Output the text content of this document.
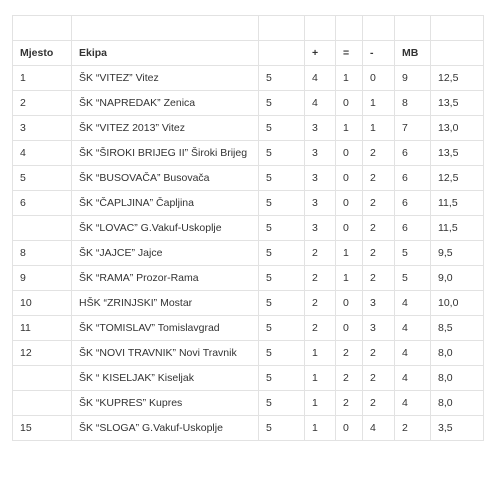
Mjesto	Ekipa		+	=	-	MB	
1	ŠK “VITEZ” Vitez	5	4	1	0	9	12,5
2	ŠK “NAPREDAK” Zenica	5	4	0	1	8	13,5
3	ŠK “VITEZ 2013” Vitez	5	3	1	1	7	13,0
4	ŠK “ŠIROKI BRIJEG II” Široki Brijeg	5	3	0	2	6	13,5
5	ŠK “BUSOVAČA” Busovača	5	3	0	2	6	12,5
6	ŠK “ČAPLJINA” Čapljina	5	3	0	2	6	11,5
	ŠK “LOVAC” G.Vakuf-Uskoplje	5	3	0	2	6	11,5
8	ŠK “JAJCE” Jajce	5	2	1	2	5	9,5
9	ŠK “RAMA” Prozor-Rama	5	2	1	2	5	9,0
10	HŠK “ZRINJSKI” Mostar	5	2	0	3	4	10,0
11	ŠK “TOMISLAV” Tomislavgrad	5	2	0	3	4	8,5
12	ŠK “NOVI TRAVNIK” Novi Travnik	5	1	2	2	4	8,0
	ŠK “ KISELJAK” Kiseljak	5	1	2	2	4	8,0
	ŠK “KUPRES” Kupres	5	1	2	2	4	8,0
15	ŠK “SLOGA” G.Vakuf-Uskoplje	5	1	0	4	2	3,5
